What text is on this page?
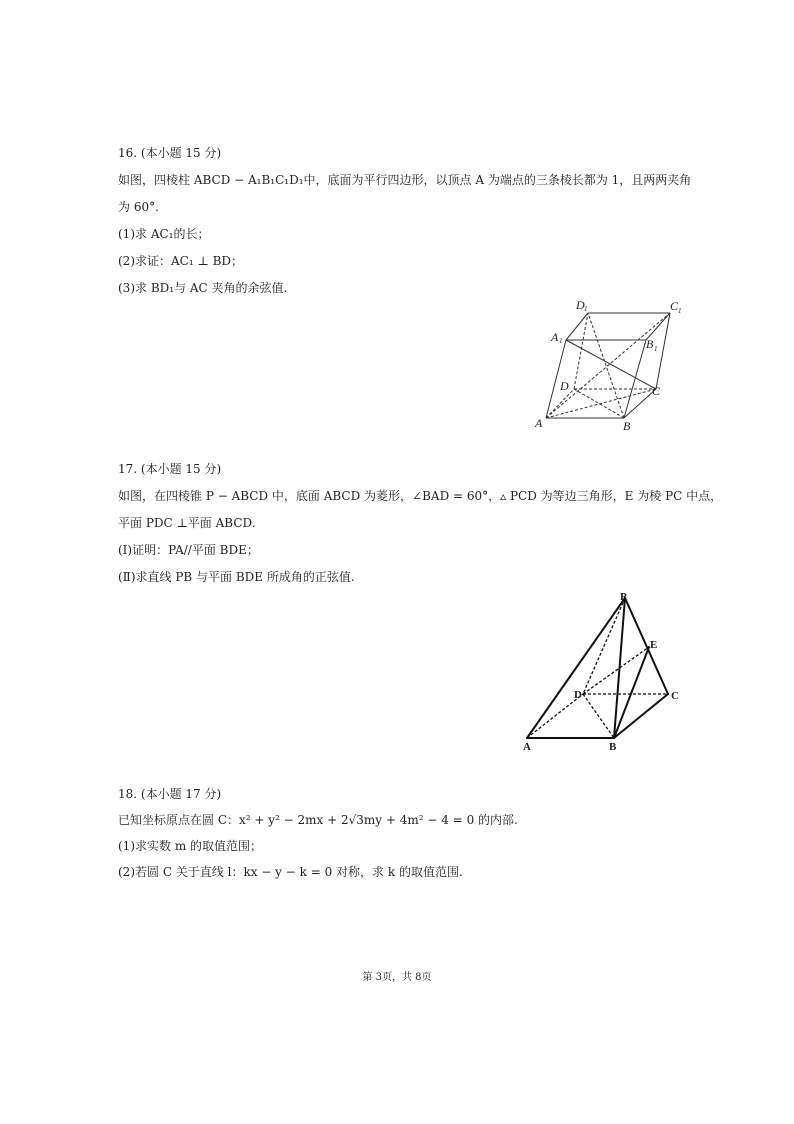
16. (本小题 15 分)
如图，四棱柱 ABCD − A₁B₁C₁D₁中，底面为平行四边形，以顶点 A 为端点的三条棱长都为 1，且两两夹角
为 60°.
(1)求 AC₁的长；
(2)求证：AC₁ ⊥ BD；
(3)求 BD₁与 AC 夹角的余弦值.
A	B
C
D
A 1	B 1
C 1
D 1
17. (本小题 15 分)
如图，在四棱锥 P − ABCD 中，底面 ABCD 为菱形，∠BAD = 60°，▵ PCD 为等边三角形，E 为棱 PC 中点，
平面 PDC ⊥平面 ABCD.
(Ⅰ)证明：PA//平面 BDE；
(Ⅱ)求直线 PB 与平面 BDE 所成角的正弦值.
P
E
D	C
A	B
18. (本小题 17 分)
已知坐标原点在圆 C：x² + y² − 2mx + 2√3my + 4m² − 4 = 0 的内部.
(1)求实数 m 的取值范围；
(2)若圆 C 关于直线 l：kx − y − k = 0 对称，求 k 的取值范围.
第 3页，共 8页
